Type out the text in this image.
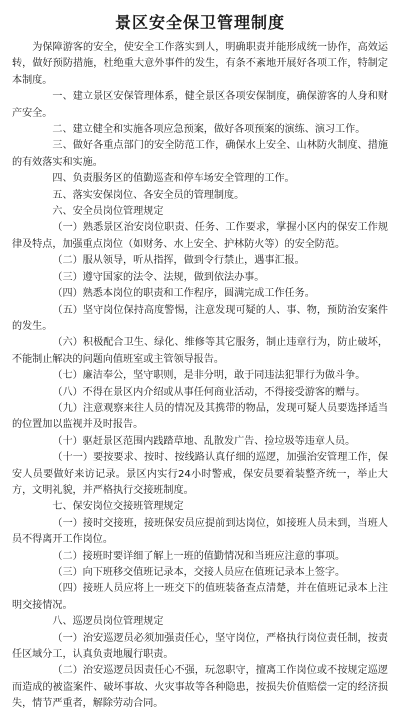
景区安全保卫管理制度

为保障游客的安全，使安全工作落实到人，明确职责并能形成统一协作，高效运转，做好预防措施，杜绝重大意外事件的发生，有条不紊地开展好各项工作，特制定本制度。

一、建立景区安保管理体系，健全景区各项安保制度，确保游客的人身和财产安全。

二、建立健全和实施各项应急预案，做好各项预案的演练、演习工作。

三、做好各重点部门的安全防范工作，确保水上安全、山林防火制度、措施的有效落实和实施。

四、负责服务区的值勤巡查和停车场安全管理的工作。

五、落实安保岗位、各安全员的管理制度。

六、安全员岗位管理规定

（一）熟悉景区治安岗位职责、任务、工作要求，掌握小区内的保安工作规律及特点，加强重点岗位（如财务、水上安全、护林防火等）的安全防范。

（二）服从领导，听从指挥，做到令行禁止，遇事汇报。

（三）遵守国家的法令、法规，做到依法办事。

（四）熟悉本岗位的职责和工作程序，圆满完成工作任务。

（五）坚守岗位保持高度警惕，注意发现可疑的人、事、物，预防治安案件的发生。

（六）积极配合卫生、绿化、维修等其它服务，制止违章行为，防止破坏，不能制止解决的问题向值班室或主管领导报告。

（七）廉洁奉公，坚守职则，是非分明，敢于同违法犯罪行为做斗争。

（八）不得在景区内介绍或从事任何商业活动，不得接受游客的赠与。

（九）注意观察来往人员的情况及其携带的物品，发现可疑人员要选择适当的位置加以监视并及时报告。

（十）驱赶景区范围内践踏草地、乱散发广告、捡垃圾等违章人员。

（十一）要按要求、按时、按线路认真仔细的巡逻，加强治安管理工作，保安人员要做好来访记录。景区内实行24小时警戒，保安员要着装整齐统一，举止大方，文明礼貌，并严格执行交接班制度。

七、保安岗位交接班管理规定

（一）接时交接班，接班保安员应提前到达岗位，如接班人员未到，当班人员不得离开工作岗位。

（二）接班时要详细了解上一班的值勤情况和当班应注意的事项。

（三）向下班移交值班记录本，交接人员应在值班记录本上签字。

（四）接班人员应将上一班交下的值班装备查点清楚，并在值班记录本上注明交接情况。

八、巡逻员岗位管理规定

（一）治安巡逻员必须加强责任心，坚守岗位，严格执行岗位责任制，按责任区域分工，认真负责地履行职责。

（二）治安巡逻员因责任心不强，玩忽职守，擅离工作岗位或不按规定巡逻而造成的被盗案件、破坏事故、火灾事故等各种隐患，按损失价值赔偿一定的经济损失，情节严重者，解除劳动合同。
